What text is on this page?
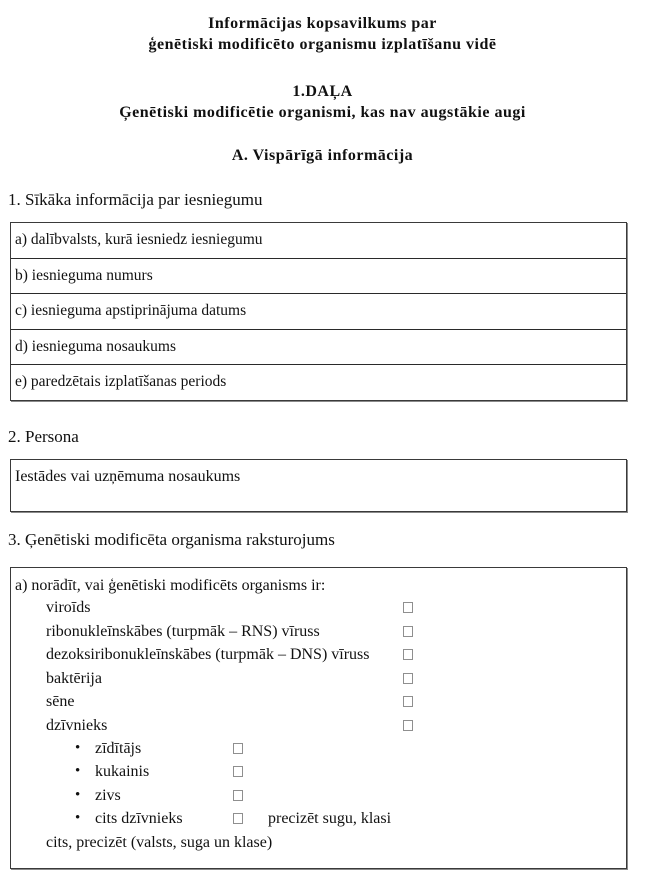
Informācijas kopsavilkums par
ģenētiski modificēto organismu izplatīšanu vidē
1.DAĻA
Ģenētiski modificētie organismi, kas nav augstākie augi
A. Vispārīgā informācija
1. Sīkāka informācija par iesniegumu
a) dalībvalsts, kurā iesniedz iesniegumu
b) iesnieguma numurs
c) iesnieguma apstiprinājuma datums
d) iesnieguma nosaukums
e) paredzētais izplatīšanas periods
2. Persona
Iestādes vai uzņēmuma nosaukums
3. Ģenētiski modificēta organisma raksturojums
a) norādīt, vai ģenētiski modificēts organisms ir:
viroīds
ribonukleīnskābes (turpmāk – RNS) vīruss
dezoksiribonukleīnskābes (turpmāk – DNS) vīruss
baktērija
sēne
dzīvnieks
• zīdītājs
• kukainis
• zivs
• cits dzīvnieks	precizēt sugu, klasi
cits, precizēt (valsts, suga un klase)
